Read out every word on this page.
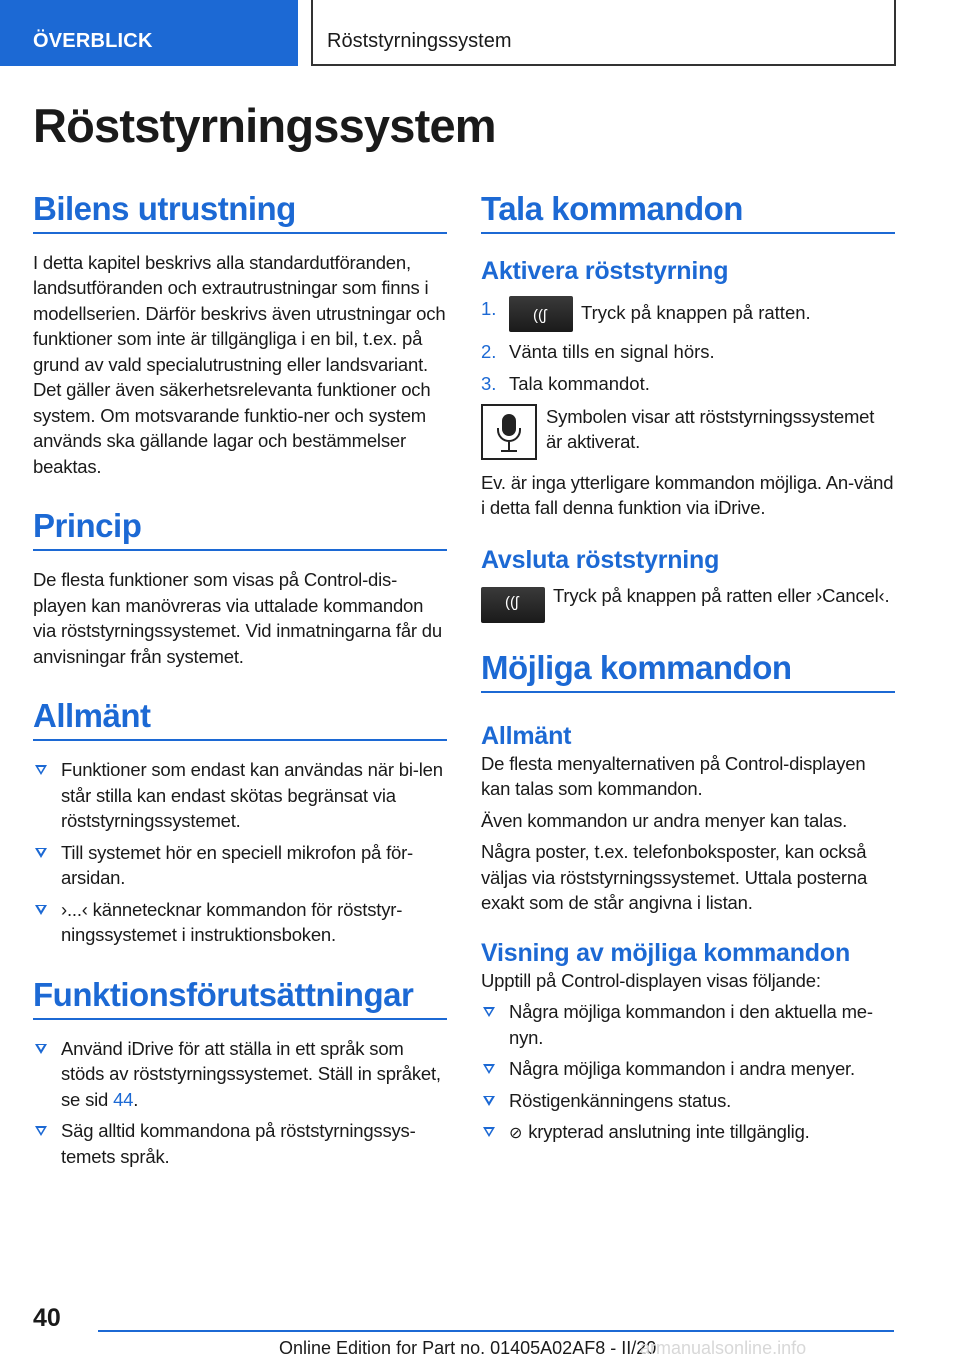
ÖVERBLICK	Röststyrningssystem
Röststyrningssystem
Bilens utrustning

I detta kapitel beskrivs alla standardutföranden, landsutföranden och extrautrustningar som finns i modellserien. Därför beskrivs även utrustningar och funktioner som inte är tillgängliga i en bil, t.ex. på grund av vald specialutrustning eller landsvariant. Det gäller även säkerhetsrelevanta funktioner och system. Om motsvarande funktio-ner och system används ska gällande lagar och bestämmelser beaktas.

Princip

De flesta funktioner som visas på Control-dis-playen kan manövreras via uttalade kommandon via röststyrningssystemet. Vid inmatningarna får du anvisningar från systemet.

Allmänt
Funktioner som endast kan användas när bi-len står stilla kan endast skötas begränsat via röststyrningssystemet.
Till systemet hör en speciell mikrofon på för-arsidan.
›...‹ kännetecknar kommandon för röststyr-ningssystemet i instruktionsboken.
Funktionsförutsättningar
Använd iDrive för att ställa in ett språk som stöds av röststyrningssystemet. Ställ in språket, se sid 44.
Säg alltid kommandona på röststyrningssys-temets språk.
Tala kommandon
Aktivera röststyrning
1. ((ʃ Tryck på knappen på ratten.
2. Vänta tills en signal hörs.
3. Tala kommandot.

Symbolen visar att röststyrningssystemet är aktiverat.

Ev. är inga ytterligare kommandon möjliga. An-vänd i detta fall denna funktion via iDrive.

Avsluta röststyrning
((ʃ Tryck på knappen på ratten eller ›Cancel‹.

Möjliga kommandon
Allmänt

De flesta menyalternativen på Control-displayen kan talas som kommandon.

Även kommandon ur andra menyer kan talas.

Några poster, t.ex. telefonboksposter, kan också väljas via röststyrningssystemet. Uttala posterna exakt som de står angivna i listan.

Visning av möjliga kommandon

Upptill på Control-displayen visas följande:

Några möjliga kommandon i den aktuella me-nyn.
Några möjliga kommandon i andra menyer.
Röstigenkänningens status.
⊘ krypterad anslutning inte tillgänglig.
40
Online Edition for Part no. 01405A02AF8 - II/20
armanualsonline.info
